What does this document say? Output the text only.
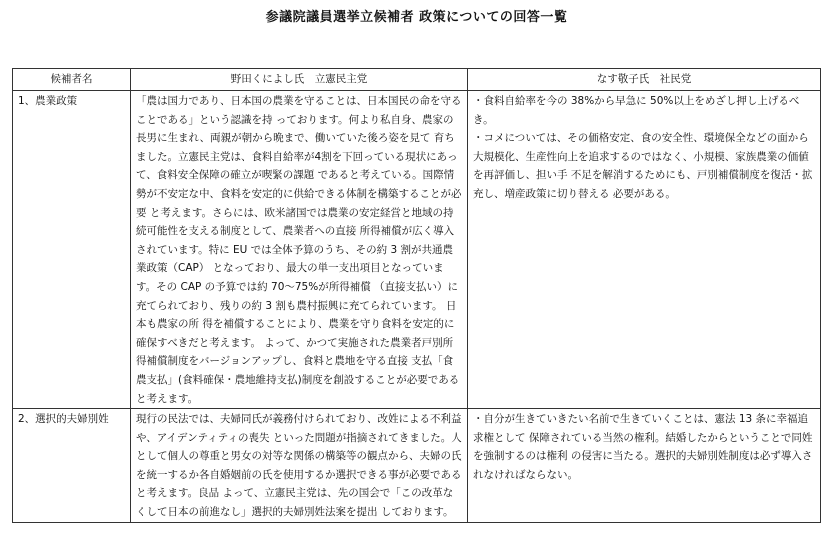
参議院議員選挙立候補者 政策についての回答一覧
候補者名	野田くによし氏　立憲民主党	なす敬子氏　社民党
1、農業政策	「農は国力であり、日本国の農業を守ることは、日本国民の命を守ることである」という認識を持 っております。何より私自身、農家の長男に生まれ、両親が朝から晩まで、働いていた後ろ姿を見て 育ちました。立憲民主党は、食料自給率が4割を下回っている現状にあって、食料安全保障の確立が喫緊の課題 であると考えている。国際情勢が不安定な中、食料を安定的に供給できる体制を構築することが必要 と考えます。さらには、欧米諸国では農業の安定経営と地域の持続可能性を支える制度として、農業者への直接 所得補償が広く導入されています。特に EU では全体予算のうち、その約 3 割が共通農業政策（CAP） となっており、最大の単一支出項目となっています。その CAP の予算では約 70～75%が所得補償 （直接支払い）に充てられており、残りの約 3 割も農村振興に充てられています。 日本も農家の所 得を補償することにより、農業を守り食料を安定的に確保すべきだと考えます。 よって、かつて実施された農業者戸別所得補償制度をバージョンアップし、食料と農地を守る直接 支払「食農支払」(食料確保・農地維持支払)制度を創設することが必要であると考えます。	・食料自給率を今の 38%から早急に 50%以上をめざし押し上げるべき。
・コメについては、その価格安定、食の安全性、環境保全などの面から大規模化、生産性向上を追求するのではなく、小規模、家族農業の価値を再評価し、担い手 不足を解消するためにも、戸別補償制度を復活・拡充し、増産政策に切り替える 必要がある。

2、選択的夫婦別姓	現行の民法では、夫婦同氏が義務付けられており、改姓による不利益や、アイデンティティの喪失 といった問題が指摘されてきました。人として個人の尊重と男女の対等な関係の構築等の観点から、夫婦の氏を統一するか各自婚姻前の氏を使用するか選択できる事が必要であると考えます。良品 よって、立憲民主党は、先の国会で「この改革なくして日本の前進なし」選択的夫婦別姓法案を提出 しております。	・自分が生きていきたい名前で生きていくことは、憲法 13 条に幸福追求権として 保障されている当然の権利。結婚したからということで同姓を強制するのは権利 の侵害に当たる。選択的夫婦別姓制度は必ず導入されなければならない。
